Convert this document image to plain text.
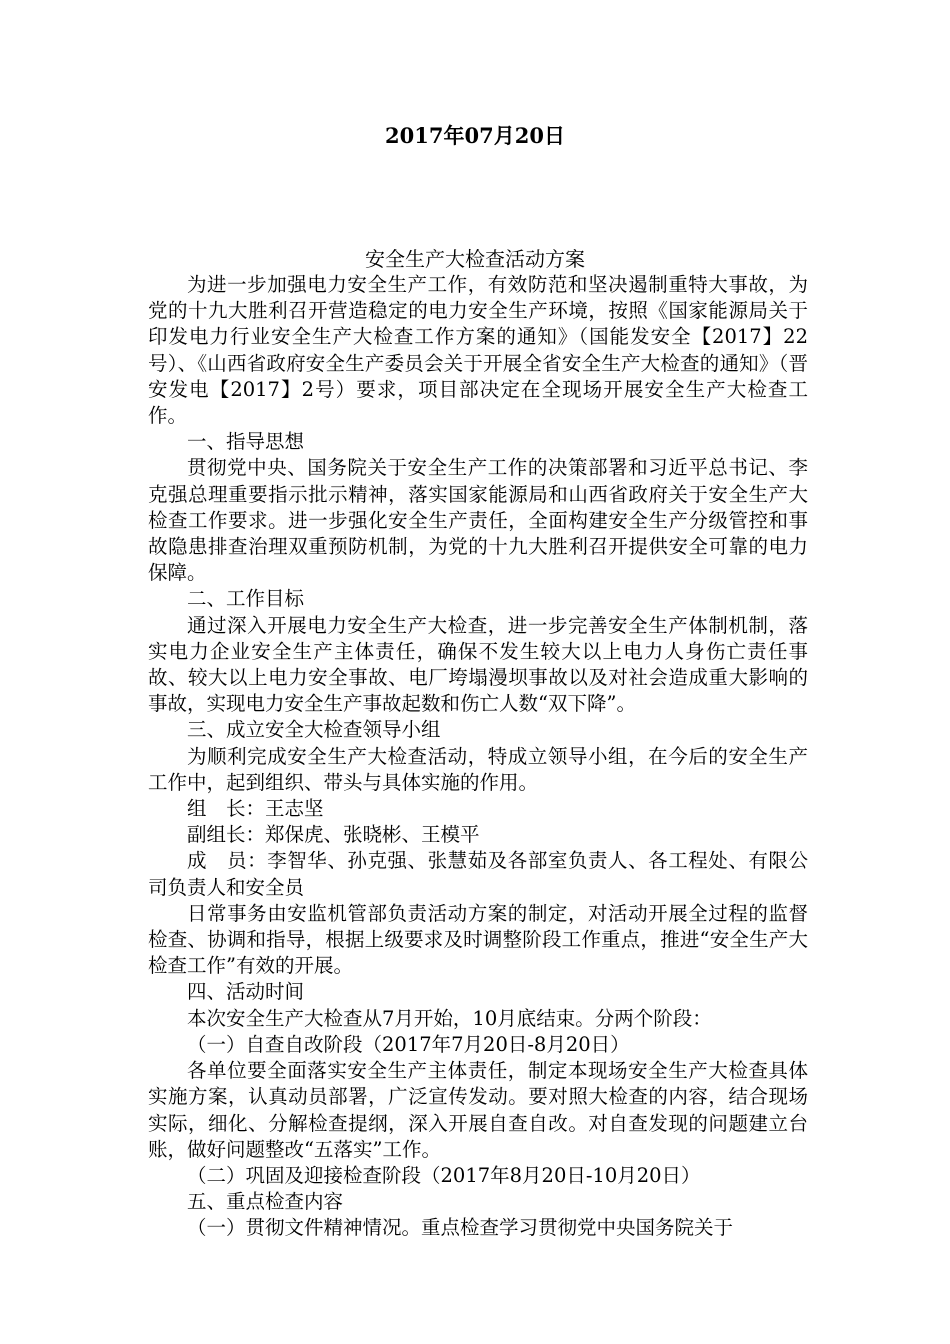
2017年07月20日
安全生产大检查活动方案

为进一步加强电力安全生产工作，有效防范和坚决遏制重特大事故，为党的十九大胜利召开营造稳定的电力安全生产环境，按照《国家能源局关于印发电力行业安全生产大检查工作方案的通知》（国能发安全【2017】22号）、《山西省政府安全生产委员会关于开展全省安全生产大检查的通知》（晋安发电【2017】2号）要求，项目部决定在全现场开展安全生产大检查工作。

一、指导思想

贯彻党中央、国务院关于安全生产工作的决策部署和习近平总书记、李克强总理重要指示批示精神，落实国家能源局和山西省政府关于安全生产大检查工作要求。进一步强化安全生产责任，全面构建安全生产分级管控和事故隐患排查治理双重预防机制，为党的十九大胜利召开提供安全可靠的电力保障。

二、工作目标

通过深入开展电力安全生产大检查，进一步完善安全生产体制机制，落实电力企业安全生产主体责任，确保不发生较大以上电力人身伤亡责任事故、较大以上电力安全事故、电厂垮塌漫坝事故以及对社会造成重大影响的事故，实现电力安全生产事故起数和伤亡人数“双下降”。

三、成立安全大检查领导小组

为顺利完成安全生产大检查活动，特成立领导小组，在今后的安全生产工作中，起到组织、带头与具体实施的作用。

组　长：王志坚

副组长：郑保虎、张晓彬、王模平

成　员：李智华、孙克强、张慧茹及各部室负责人、各工程处、有限公司负责人和安全员

日常事务由安监机管部负责活动方案的制定，对活动开展全过程的监督检查、协调和指导，根据上级要求及时调整阶段工作重点，推进“安全生产大检查工作”有效的开展。

四、活动时间

本次安全生产大检查从7月开始，10月底结束。分两个阶段：

（一）自查自改阶段（2017年7月20日-8月20日）

各单位要全面落实安全生产主体责任，制定本现场安全生产大检查具体实施方案，认真动员部署，广泛宣传发动。要对照大检查的内容，结合现场实际，细化、分解检查提纲，深入开展自查自改。对自查发现的问题建立台账，做好问题整改“五落实”工作。

（二）巩固及迎接检查阶段（2017年8月20日-10月20日）

五、重点检查内容

（一）贯彻文件精神情况。重点检查学习贯彻党中央国务院关于
